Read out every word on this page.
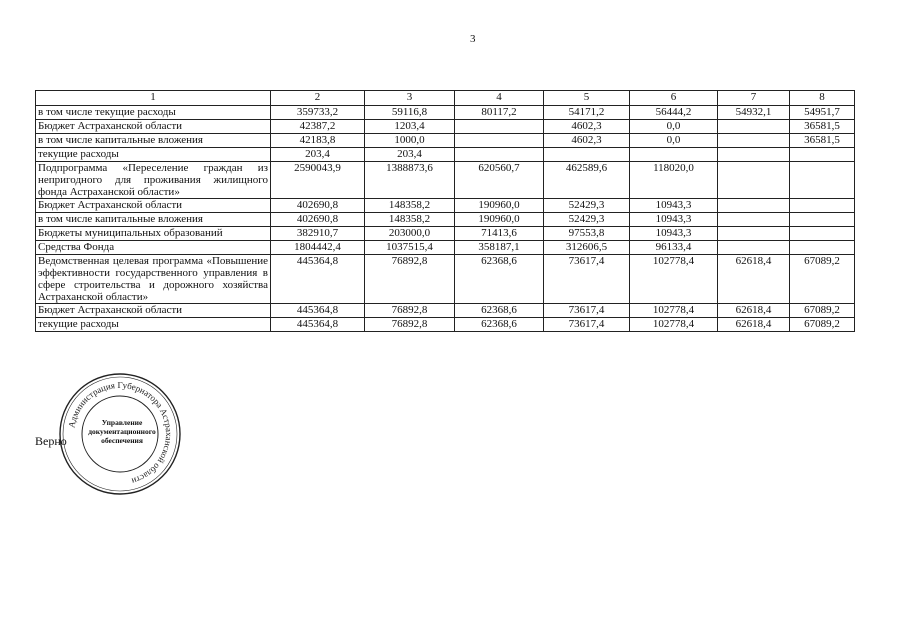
3
1	2	3	4	5	6	7	8
в том числе текущие расходы	359733,2	59116,8	80117,2	54171,2	56444,2	54932,1	54951,7
Бюджет Астраханской области	42387,2	1203,4		4602,3	0,0		36581,5
в том числе капитальные вложения	42183,8	1000,0		4602,3	0,0		36581,5
текущие расходы	203,4	203,4					
Подпрограмма «Переселение граждан из непригодного для проживания жилищного фонда Астраханской области»	2590043,9	1388873,6	620560,7	462589,6	118020,0		
Бюджет Астраханской области	402690,8	148358,2	190960,0	52429,3	10943,3		
в том числе капитальные вложения	402690,8	148358,2	190960,0	52429,3	10943,3		
Бюджеты муниципальных образований	382910,7	203000,0	71413,6	97553,8	10943,3		
Средства Фонда	1804442,4	1037515,4	358187,1	312606,5	96133,4		
Ведомственная целевая программа «Повышение эффективности государственного управления в сфере строительства и дорожного хозяйства Астраханской области»	445364,8	76892,8	62368,6	73617,4	102778,4	62618,4	67089,2
Бюджет Астраханской области	445364,8	76892,8	62368,6	73617,4	102778,4	62618,4	67089,2
текущие расходы	445364,8	76892,8	62368,6	73617,4	102778,4	62618,4	67089,2
Администрация Губернатора Астраханской области
Управление документационного обеспечения
Верно
